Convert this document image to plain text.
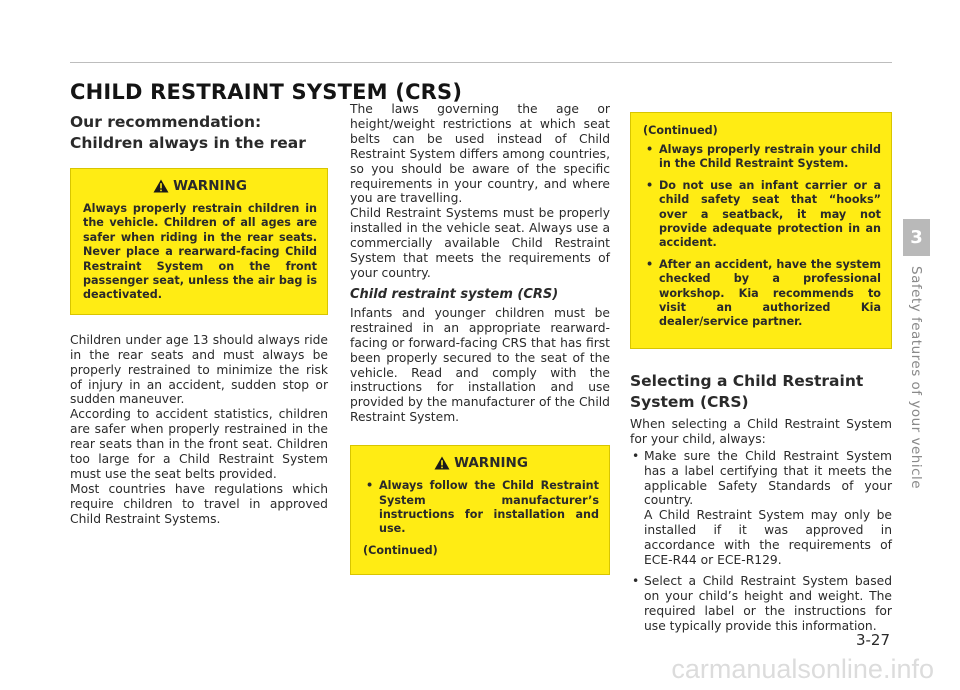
CHILD RESTRAINT SYSTEM (CRS)
Our recommendation: Children always in the rear
WARNING

Always properly restrain children in the vehicle. Children of all ages are safer when riding in the rear seats. Never place a rearward-facing Child Restraint System on the front passenger seat, unless the air bag is deactivated.

Children under age 13 should always ride in the rear seats and must always be properly restrained to minimize the risk of injury in an accident, sudden stop or sudden maneuver.

According to accident statistics, children are safer when properly restrained in the rear seats than in the front seat. Children too large for a Child Restraint System must use the seat belts provided.

Most countries have regulations which require children to travel in approved Child Restraint Systems.

The laws governing the age or height/weight restrictions at which seat belts can be used instead of Child Restraint System differs among countries, so you should be aware of the specific requirements in your country, and where you are travelling.

Child Restraint Systems must be properly installed in the vehicle seat. Always use a commercially available Child Restraint System that meets the requirements of your country.

Child restraint system (CRS)

Infants and younger children must be restrained in an appropriate rearward-facing or forward-facing CRS that has first been properly secured to the seat of the vehicle. Read and comply with the instructions for installation and use provided by the manufacturer of the Child Restraint System.

WARNING
• Always follow the Child Restraint System manufacturer’s instructions for installation and use.
(Continued)
(Continued)
• Always properly restrain your child in the Child Restraint System.
• Do not use an infant carrier or a child safety seat that “hooks” over a seatback, it may not provide adequate protection in an accident.
• After an accident, have the system checked by a professional workshop. Kia recommends to visit an authorized Kia dealer/service partner.
Selecting a Child Restraint System (CRS)

When selecting a Child Restraint System for your child, always:

• Make sure the Child Restraint System has a label certifying that it meets the applicable Safety Standards of your country.
A Child Restraint System may only be installed if it was approved in accordance with the requirements of ECE-R44 or ECE-R129.
• Select a Child Restraint System based on your child’s height and weight. The required label or the instructions for use typically provide this information.
3
Safety features of your vehicle
3-27
carmanualsonline.info
